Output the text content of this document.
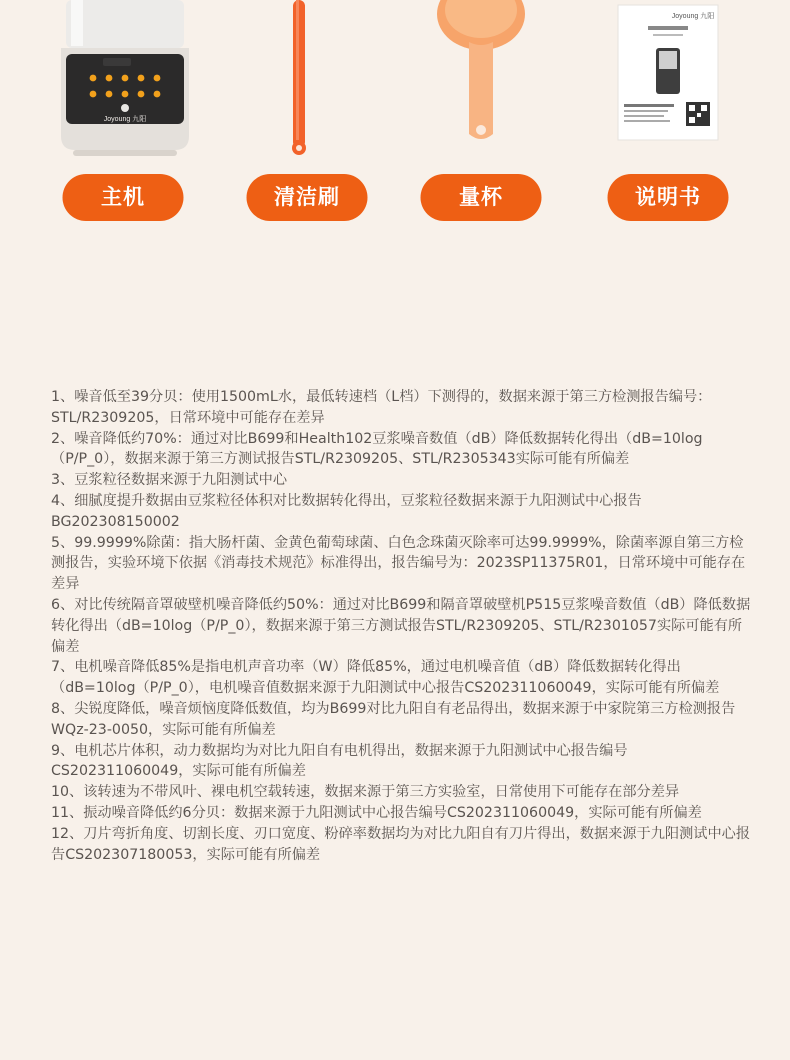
Joyoung 九阳
主机	清洁刷	量杯
Joyoung 九阳
说明书
1、噪音低至39分贝：使用1500mL水，最低转速档（L档）下测得的，数据来源于第三方检测报告编号：STL/R2309205，日常环境中可能存在差异
2、噪音降低约70%：通过对比B699和Health102豆浆噪音数值（dB）降低数据转化得出（dB=10log（P/P_0），数据来源于第三方测试报告STL/R2309205、STL/R2305343实际可能有所偏差
3、豆浆粒径数据来源于九阳测试中心
4、细腻度提升数据由豆浆粒径体积对比数据转化得出，豆浆粒径数据来源于九阳测试中心报告BG202308150002
5、99.9999%除菌：指大肠杆菌、金黄色葡萄球菌、白色念珠菌灭除率可达99.9999%，除菌率源自第三方检测报告，实验环境下依据《消毒技术规范》标准得出，报告编号为：2023SP11375R01，日常环境中可能存在差异
6、对比传统隔音罩破壁机噪音降低约50%：通过对比B699和隔音罩破壁机P515豆浆噪音数值（dB）降低数据转化得出（dB=10log（P/P_0），数据来源于第三方测试报告STL/R2309205、STL/R2301057实际可能有所偏差
7、电机噪音降低85%是指电机声音功率（W）降低85%，通过电机噪音值（dB）降低数据转化得出（dB=10log（P/P_0），电机噪音值数据来源于九阳测试中心报告CS202311060049，实际可能有所偏差
8、尖锐度降低，噪音烦恼度降低数值，均为B699对比九阳自有老品得出，数据来源于中家院第三方检测报告WQz-23-0050，实际可能有所偏差
9、电机芯片体积，动力数据均为对比九阳自有电机得出，数据来源于九阳测试中心报告编号CS202311060049，实际可能有所偏差
10、该转速为不带风叶、裸电机空载转速，数据来源于第三方实验室，日常使用下可能存在部分差异
11、振动噪音降低约6分贝：数据来源于九阳测试中心报告编号CS202311060049，实际可能有所偏差
12、刀片弯折角度、切割长度、刃口宽度、粉碎率数据均为对比九阳自有刀片得出，数据来源于九阳测试中心报告CS202307180053，实际可能有所偏差
